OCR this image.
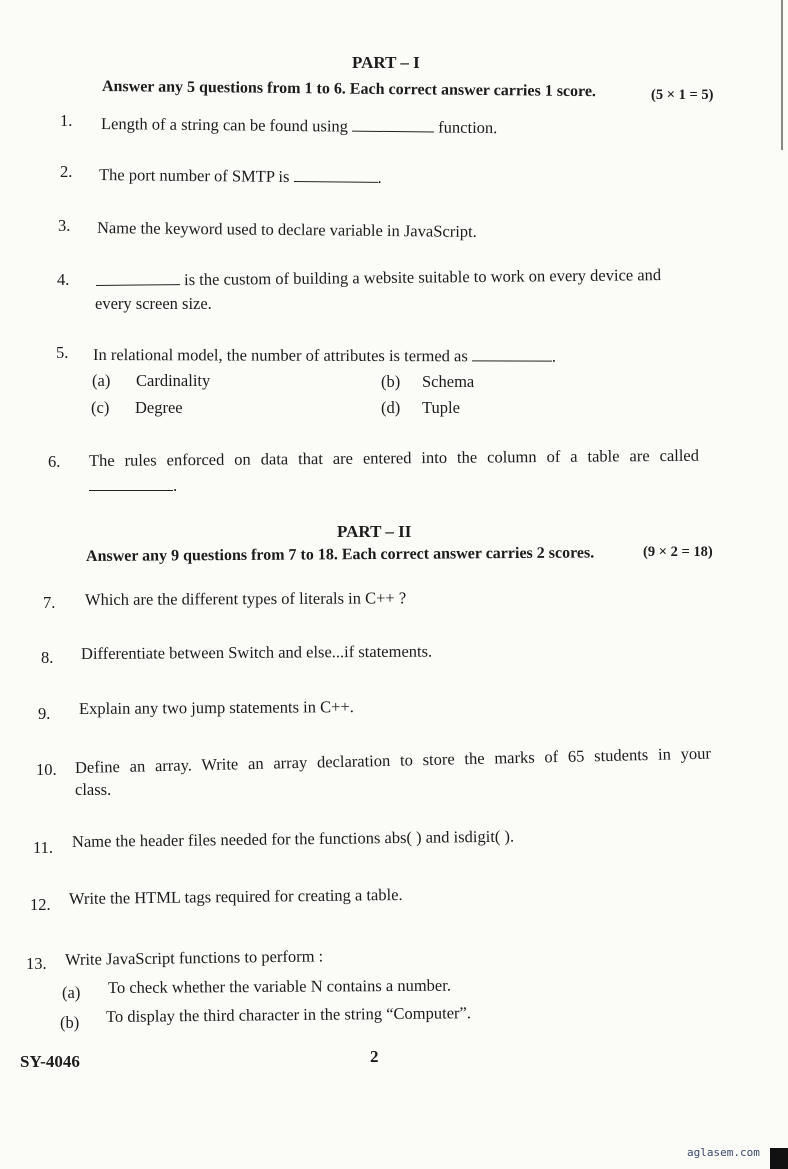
PART – I
Answer any 5 questions from 1 to 6. Each correct answer carries 1 score.	(5 × 1 = 5)
1. Length of a string can be found using	function.
2. The port number of SMTP is	.
3. Name the keyword used to declare variable in JavaScript.
4.	is the custom of building a website suitable to work on every device and
every screen size.
5. In relational model, the number of attributes is termed as	.
(a) Cardinality	(b) Schema
(c) Degree	(d) Tuple
6. The rules enforced on data that are entered into the column of a table are called
.
PART – II
Answer any 9 questions from 7 to 18. Each correct answer carries 2 scores.	(9 × 2 = 18)
7. Which are the different types of literals in C++ ?
8. Differentiate between Switch and else...if statements.
9. Explain any two jump statements in C++.
10. Define an array. Write an array declaration to store the marks of 65 students in your
class.
11. Name the header files needed for the functions abs( ) and isdigit( ).
12. Write the HTML tags required for creating a table.
13. Write JavaScript functions to perform :
(a) To check whether the variable N contains a number.
(b) To display the third character in the string “Computer”.
SY-4046	2
aglasem.com
